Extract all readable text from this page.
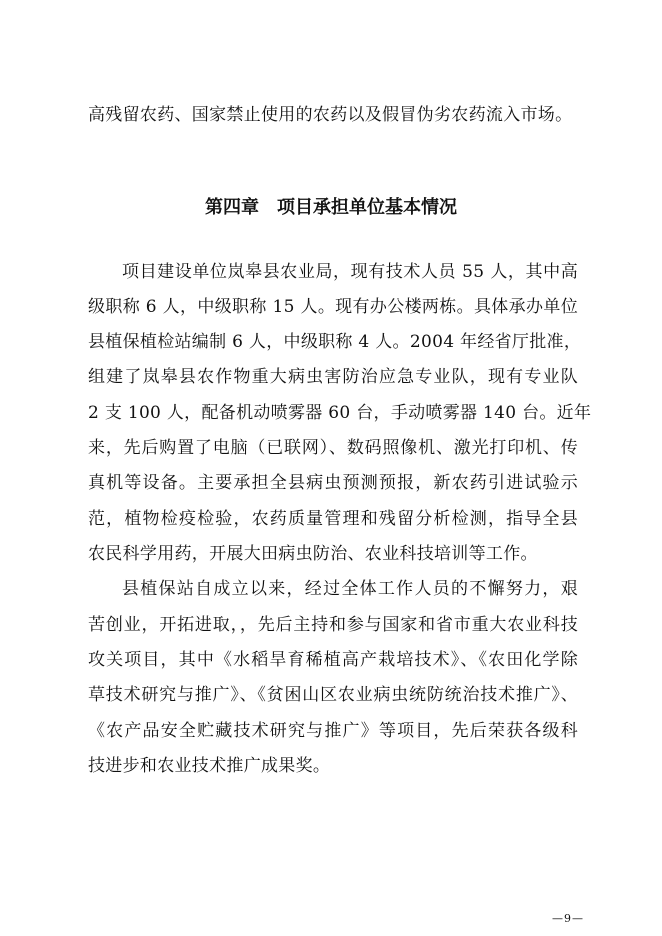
高残留农药、国家禁止使用的农药以及假冒伪劣农药流入市场。
第四章　项目承担单位基本情况
项目建设单位岚皋县农业局，现有技术人员 55 人，其中高
级职称 6 人，中级职称 15 人。现有办公楼两栋。具体承办单位
县植保植检站编制 6 人，中级职称 4 人。2004 年经省厅批准，
组建了岚皋县农作物重大病虫害防治应急专业队，现有专业队
2 支 100 人，配备机动喷雾器 60 台，手动喷雾器 140 台。近年
来，先后购置了电脑（已联网）、数码照像机、激光打印机、传
真机等设备。主要承担全县病虫预测预报，新农药引进试验示
范，植物检疫检验，农药质量管理和残留分析检测，指导全县
农民科学用药，开展大田病虫防治、农业科技培训等工作。
县植保站自成立以来，经过全体工作人员的不懈努力，艰
苦创业，开拓进取，，先后主持和参与国家和省市重大农业科技
攻关项目，其中《水稻旱育稀植高产栽培技术》、《农田化学除
草技术研究与推广》、《贫困山区农业病虫统防统治技术推广》、
《农产品安全贮藏技术研究与推广》等项目，先后荣获各级科
技进步和农业技术推广成果奖。
—9—
